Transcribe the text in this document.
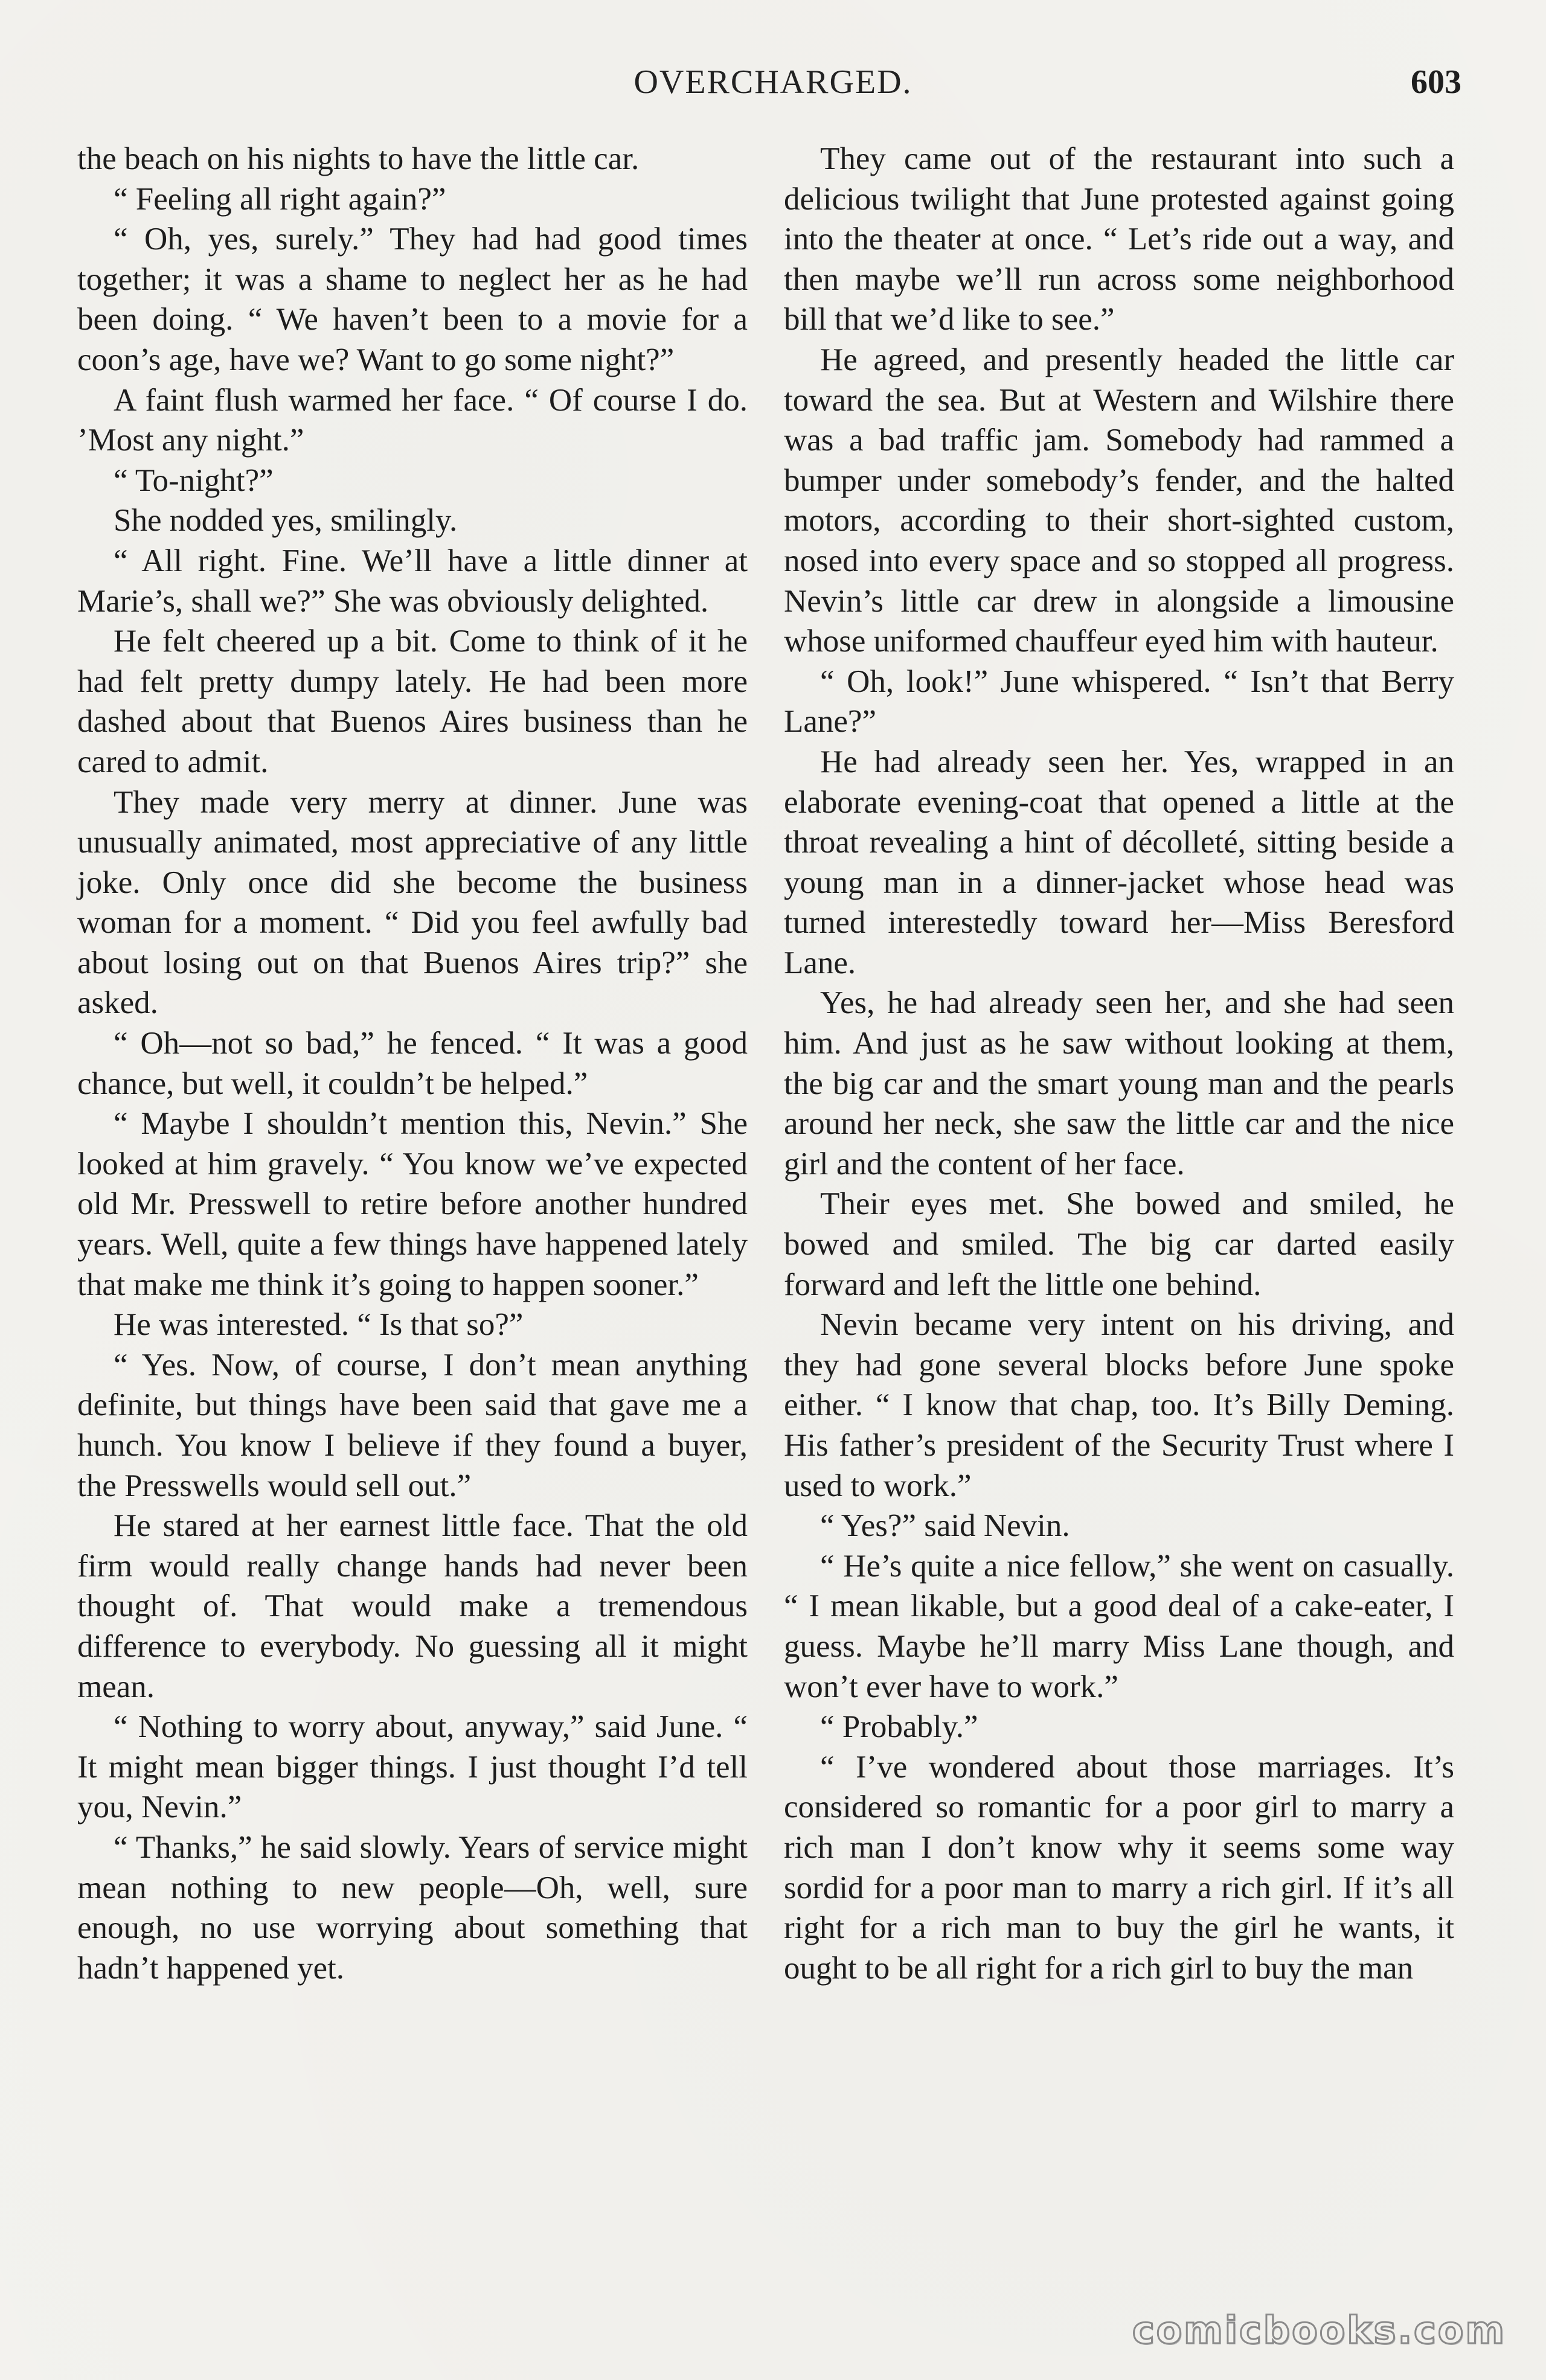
OVERCHARGED.	603

the beach on his nights to have the little car.

“ Feeling all right again?”

“ Oh, yes, surely.” They had had good times together; it was a shame to neglect her as he had been doing. “ We haven’t been to a movie for a coon’s age, have we? Want to go some night?”

A faint flush warmed her face. “ Of course I do. ’Most any night.”

“ To-night?”

She nodded yes, smilingly.

“ All right. Fine. We’ll have a little dinner at Marie’s, shall we?” She was obviously delighted.

He felt cheered up a bit. Come to think of it he had felt pretty dumpy lately. He had been more dashed about that Buenos Aires business than he cared to admit.

They made very merry at dinner. June was unusually animated, most appreciative of any little joke. Only once did she become the business woman for a moment. “ Did you feel awfully bad about losing out on that Buenos Aires trip?” she asked.

“ Oh—not so bad,” he fenced. “ It was a good chance, but well, it couldn’t be helped.”

“ Maybe I shouldn’t mention this, Nevin.” She looked at him gravely. “ You know we’ve expected old Mr. Presswell to retire before another hundred years. Well, quite a few things have happened lately that make me think it’s going to happen sooner.”

He was interested. “ Is that so?”

“ Yes. Now, of course, I don’t mean anything definite, but things have been said that gave me a hunch. You know I believe if they found a buyer, the Presswells would sell out.”

He stared at her earnest little face. That the old firm would really change hands had never been thought of. That would make a tremendous difference to everybody. No guessing all it might mean.

“ Nothing to worry about, anyway,” said June. “ It might mean bigger things. I just thought I’d tell you, Nevin.”

“ Thanks,” he said slowly. Years of service might mean nothing to new people—Oh, well, sure enough, no use worrying about something that hadn’t happened yet.

They came out of the restaurant into such a delicious twilight that June protested against going into the theater at once. “ Let’s ride out a way, and then maybe we’ll run across some neighborhood bill that we’d like to see.”

He agreed, and presently headed the little car toward the sea. But at Western and Wilshire there was a bad traffic jam. Somebody had rammed a bumper under somebody’s fender, and the halted motors, according to their short-sighted custom, nosed into every space and so stopped all progress. Nevin’s little car drew in alongside a limousine whose uniformed chauffeur eyed him with hauteur.

“ Oh, look!” June whispered. “ Isn’t that Berry Lane?”

He had already seen her. Yes, wrapped in an elaborate evening-coat that opened a little at the throat revealing a hint of décolleté, sitting beside a young man in a dinner-jacket whose head was turned interestedly toward her—Miss Beresford Lane.

Yes, he had already seen her, and she had seen him. And just as he saw without looking at them, the big car and the smart young man and the pearls around her neck, she saw the little car and the nice girl and the content of her face.

Their eyes met. She bowed and smiled, he bowed and smiled. The big car darted easily forward and left the little one behind.

Nevin became very intent on his driving, and they had gone several blocks before June spoke either. “ I know that chap, too. It’s Billy Deming. His father’s president of the Security Trust where I used to work.”

“ Yes?” said Nevin.

“ He’s quite a nice fellow,” she went on casually. “ I mean likable, but a good deal of a cake-eater, I guess. Maybe he’ll marry Miss Lane though, and won’t ever have to work.”

“ Probably.”

“ I’ve wondered about those marriages. It’s considered so romantic for a poor girl to marry a rich man I don’t know why it seems some way sordid for a poor man to marry a rich girl. If it’s all right for a rich man to buy the girl he wants, it ought to be all right for a rich girl to buy the man

comicbooks.com
